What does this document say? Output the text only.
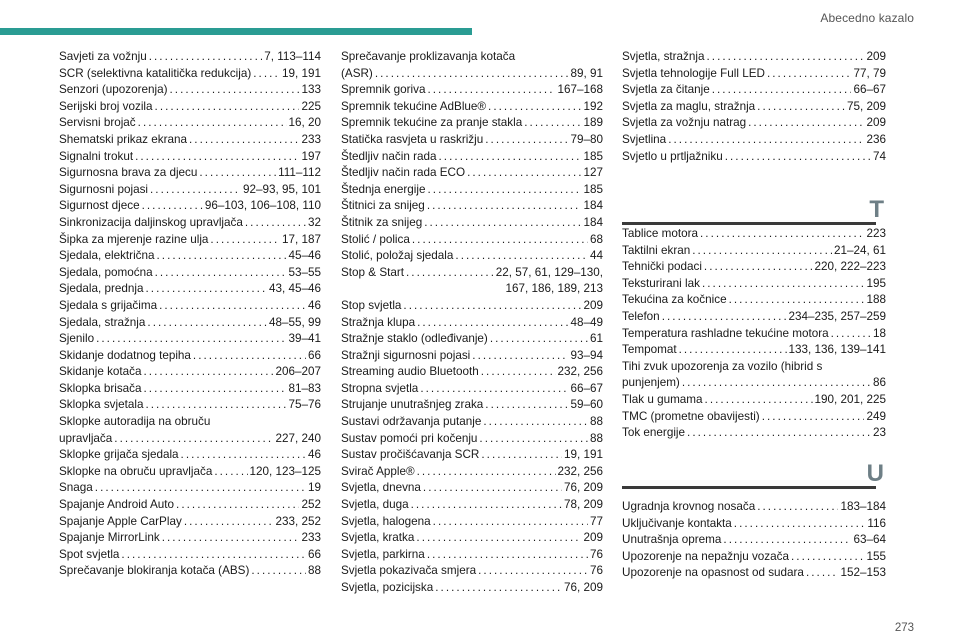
Abecedno kazalo
Savjeti za vožnju . . .	7, 113–114
SCR (selektivna katalitička redukcija) . . .	19, 191
Senzori (upozorenja) . . .	133
Serijski broj vozila . . .	225
Servisni brojač . . .	16, 20
Shematski prikaz ekrana . . .	233
Signalni trokut . . .	197
Sigurnosna brava za djecu . . .	111–112
Sigurnosni pojasi . . .	92–93, 95, 101
Sigurnost djece . . .	96–103, 106–108, 110
Sinkronizacija daljinskog upravljača . . .	32
Šipka za mjerenje razine ulja . . .	17, 187
Sjedala, električna . . .	45–46
Sjedala, pomoćna . . .	53–55
Sjedala, prednja . . .	43, 45–46
Sjedala s grijačima . . .	46
Sjedala, stražnja . . .	48–55, 99
Sjenilo . . .	39–41
Skidanje dodatnog tepiha . . .	66
Skidanje kotača . . .	206–207
Sklopka brisača . . .	81–83
Sklopka svjetala . . .	75–76
Sklopke autoradija na obruču
upravljača . . .	227, 240
Sklopke grijača sjedala . . .	46
Sklopke na obruču upravljača . . .	120, 123–125
Snaga . . .	19
Spajanje Android Auto . . .	252
Spajanje Apple CarPlay . . .	233, 252
Spajanje MirrorLink . . .	233
Spot svjetla . . .	66
Sprečavanje blokiranja kotača (ABS) . . .	88
Sprečavanje proklizavanja kotača
(ASR) . . .	89, 91
Spremnik goriva . . .	167–168
Spremnik tekućine AdBlue® . . .	192
Spremnik tekućine za pranje stakla . . .	189
Statička rasvjeta u raskrižju . . .	79–80
Štedljiv način rada . . .	185
Štedljiv način rada ECO . . .	127
Štednja energije . . .	185
Štitnici za snijeg . . .	184
Štitnik za snijeg . . .	184
Stolić / polica . . .	68
Stolić, položaj sjedala . . .	44
Stop & Start . . .	22, 57, 61, 129–130,
167, 186, 189, 213
Stop svjetla . . .	209
Stražnja klupa . . .	48–49
Stražnje staklo (odleđivanje) . . .	61
Stražnji sigurnosni pojasi . . .	93–94
Streaming audio Bluetooth . . .	232, 256
Stropna svjetla . . .	66–67
Strujanje unutrašnjeg zraka . . .	59–60
Sustavi održavanja putanje . . .	88
Sustav pomoći pri kočenju . . .	88
Sustav pročišćavanja SCR . . .	19, 191
Svirač Apple® . . .	232, 256
Svjetla, dnevna . . .	76, 209
Svjetla, duga . . .	78, 209
Svjetla, halogena . . .	77
Svjetla, kratka . . .	209
Svjetla, parkirna . . .	76
Svjetla pokazivača smjera . . .	76
Svjetla, pozicijska . . .	76, 209
Svjetla, stražnja . . .	209
Svjetla tehnologije Full LED . . .	77, 79
Svjetla za čitanje . . .	66–67
Svjetla za maglu, stražnja . . .	75, 209
Svjetla za vožnju natrag . . .	209
Svjetlina . . .	236
Svjetlo u prtljažniku . . .	74
T
Tablice motora . . .	223
Taktilni ekran . . .	21–24, 61
Tehnički podaci . . .	220, 222–223
Teksturirani lak . . .	195
Tekućina za kočnice . . .	188
Telefon . . .	234–235, 257–259
Temperatura rashladne tekućine motora . . .	18
Tempomat . . .	133, 136, 139–141
Tihi zvuk upozorenja za vozilo (hibrid s
punjenjem) . . .	86
Tlak u gumama . . .	190, 201, 225
TMC (prometne obavijesti) . . .	249
Tok energije . . .	23
U
Ugradnja krovnog nosača . . .	183–184
Uključivanje kontakta . . .	116
Unutrašnja oprema . . .	63–64
Upozorenje na nepažnju vozača . . .	155
Upozorenje na opasnost od sudara . . .	152–153
273
